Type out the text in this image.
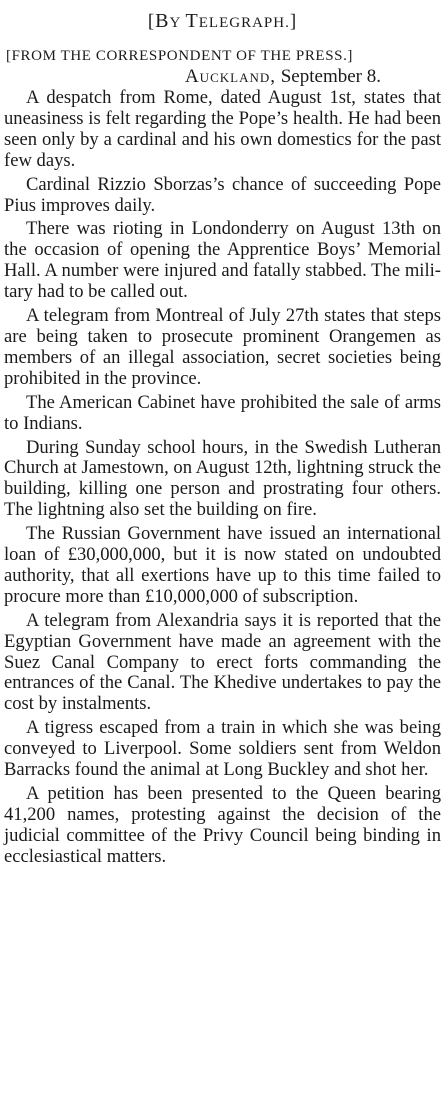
[BY TELEGRAPH.]
[FROM THE CORRESPONDENT OF THE PRESS.]
Auckland, September 8.

A despatch from Rome, dated August 1st, states that uneasiness is felt regarding the Pope’s health. He had been seen only by a cardinal and his own domestics for the past few days.

Cardinal Rizzio Sborzas’s chance of succeeding Pope Pius improves daily.

There was rioting in Londonderry on August 13th on the occasion of opening the Apprentice Boys’ Memorial Hall. A number were injured and fatally stabbed. The military had to be called out.

A telegram from Montreal of July 27th states that steps are being taken to prosecute prominent Orangemen as members of an illegal association, secret societies being prohibited in the province.

The American Cabinet have prohibited the sale of arms to Indians.

During Sunday school hours, in the Swedish Lutheran Church at Jamestown, on August 12th, lightning struck the building, killing one person and prostrating four others. The lightning also set the building on fire.

The Russian Government have issued an international loan of £30,000,000, but it is now stated on undoubted authority, that all exertions have up to this time failed to procure more than £10,000,000 of subscription.

A telegram from Alexandria says it is reported that the Egyptian Government have made an agreement with the Suez Canal Company to erect forts commanding the entrances of the Canal. The Khedive undertakes to pay the cost by instalments.

A tigress escaped from a train in which she was being conveyed to Liverpool. Some soldiers sent from Weldon Barracks found the animal at Long Buckley and shot her.

A petition has been presented to the Queen bearing 41,200 names, protesting against the decision of the judicial committee of the Privy Council being binding in ecclesiastical matters.
